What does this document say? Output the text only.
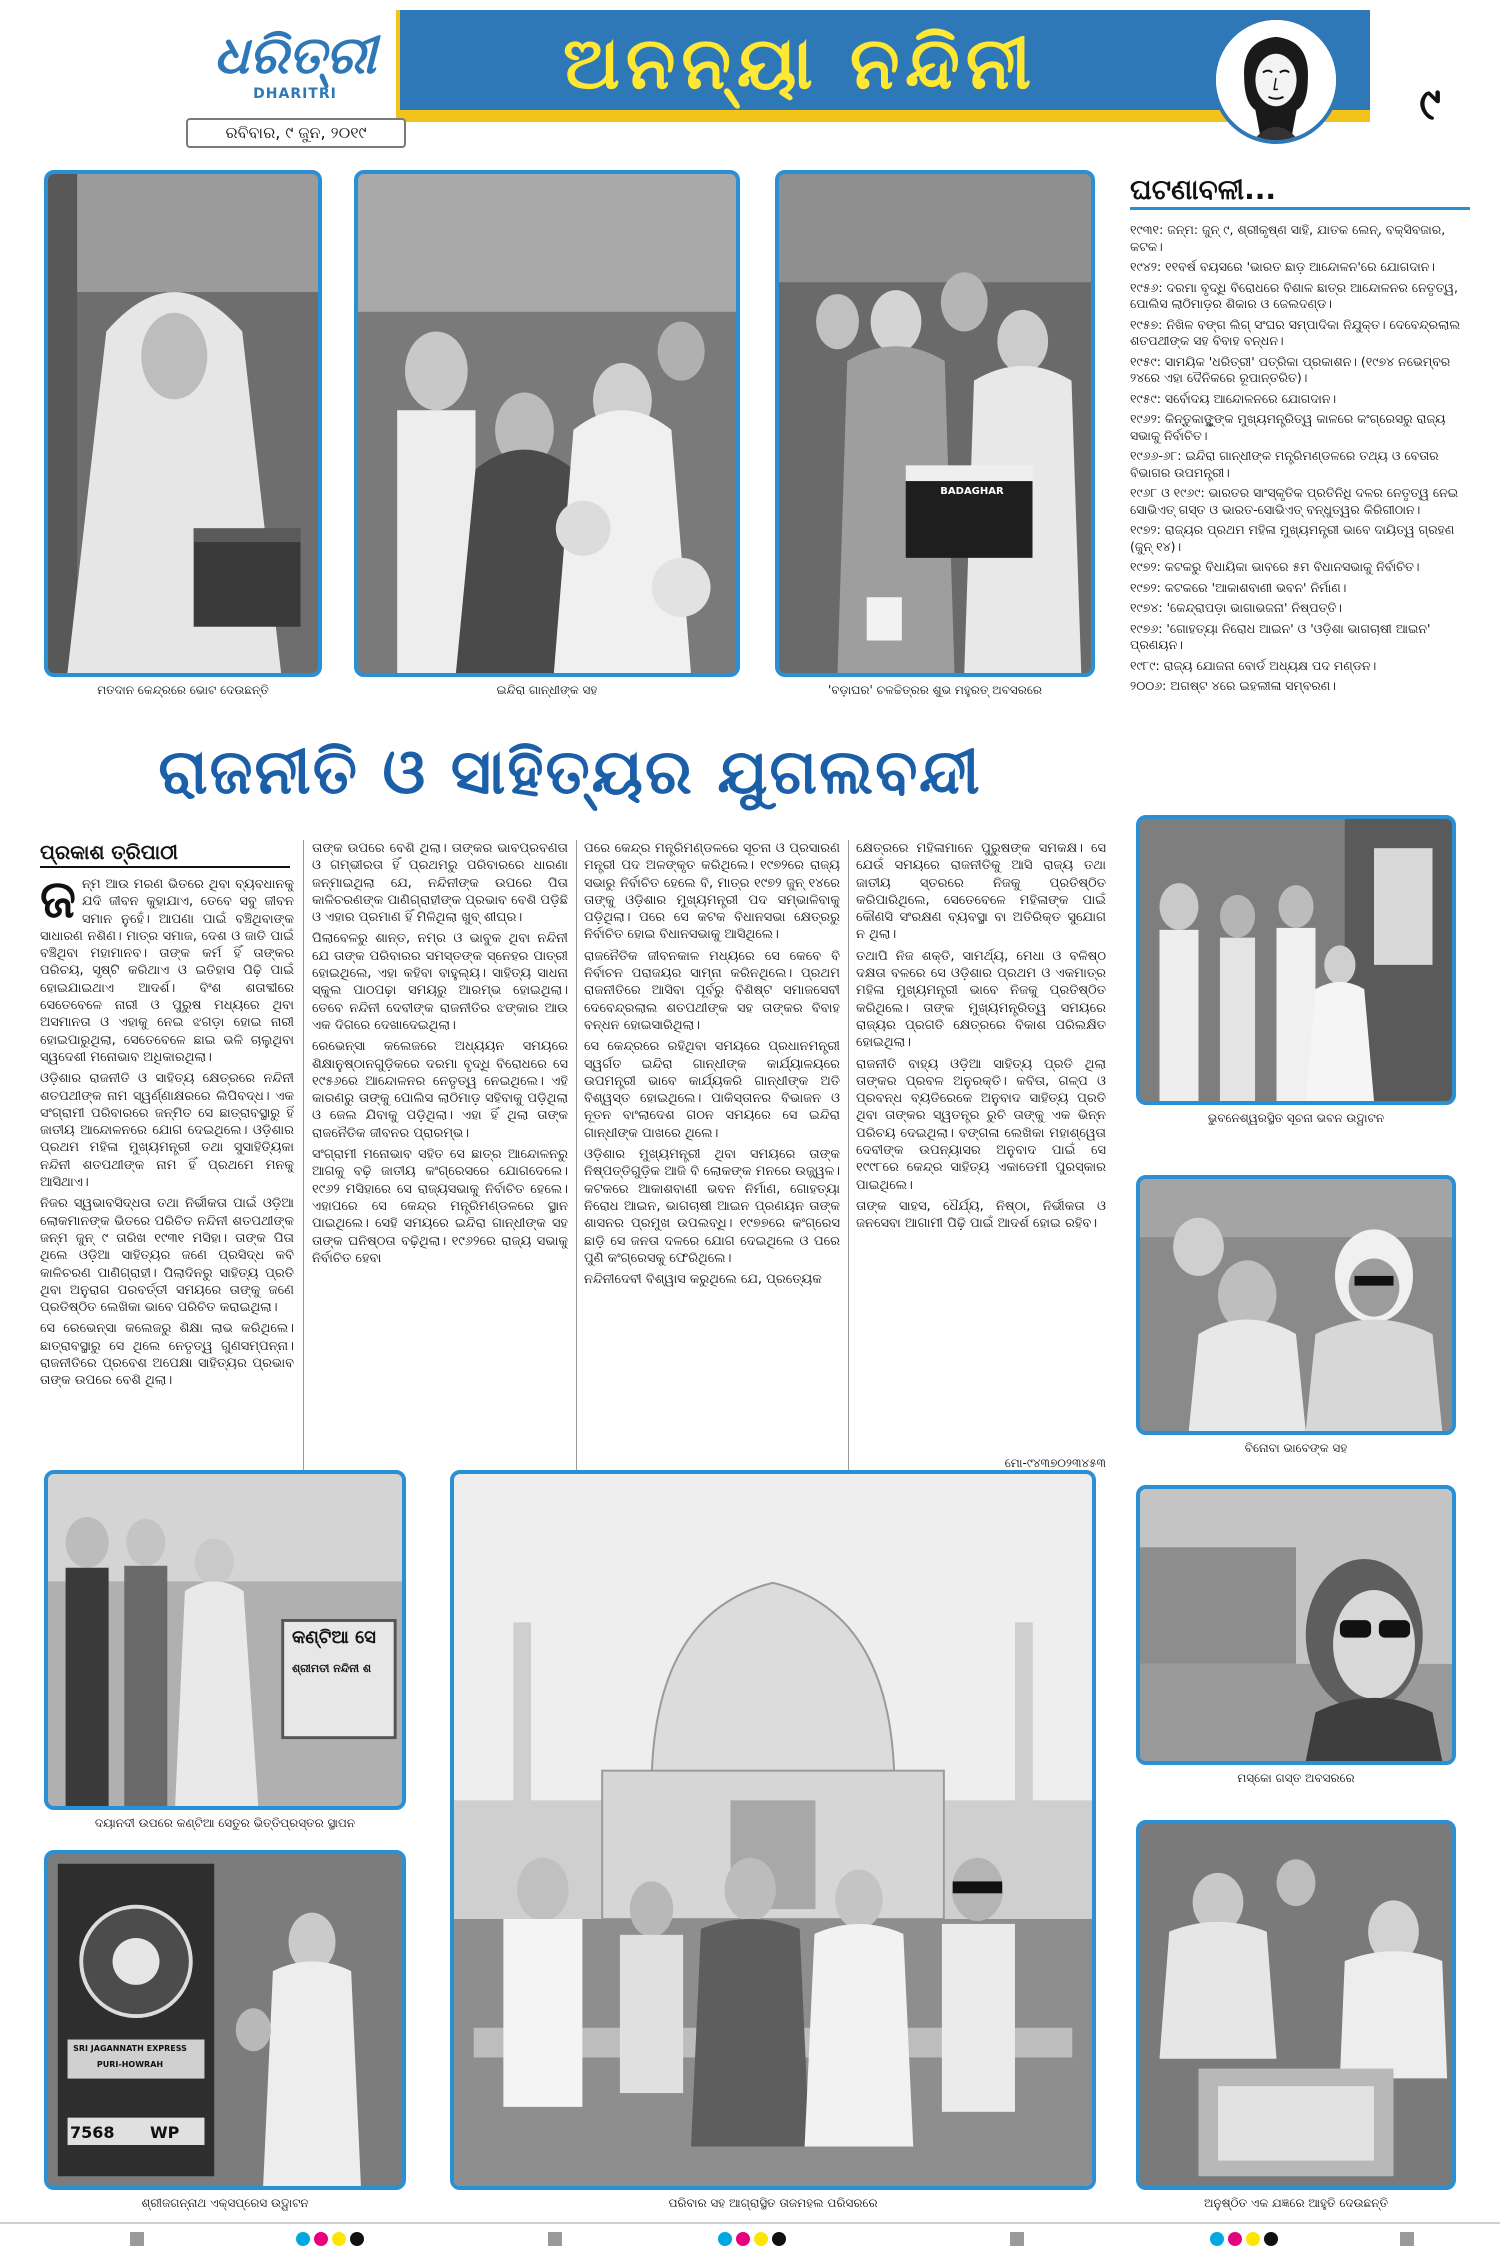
ଧରିତ୍ରୀ
DHARITRI	ଅନନ୍ୟା ନନ୍ଦିନୀ
ରବିବାର, ୯ ଜୁନ, ୨୦୧୯
୯
ମତଦାନ କେନ୍ଦ୍ରରେ ଭୋଟ ଦେଉଛନ୍ତି	ଇନ୍ଦିରା ଗାନ୍ଧୀଙ୍କ ସହ
BADAGHAR
'ବଡ଼ାଘର' ଚଳଚ୍ଚିତ୍ରର ଶୁଭ ମହୁରତ୍ ଅବସରରେ
ଘଟଣାବଳୀ...
୧୯୩୧: ଜନ୍ମ: ଜୁନ୍ ୯, ଶ୍ରୀକୃଷ୍ଣ ସାହି, ଯାତକ ଲେନ୍, ବକ୍ସିବଜାର, କଟକ।
୧୯୪୨: ୧୧ବର୍ଷ ବୟସରେ 'ଭାରତ ଛାଡ଼ ଆନ୍ଦୋଳନ'ରେ ଯୋଗଦାନ।
୧୯୫୬: ଦରମା ବୃଦ୍ଧି ବିରୋଧରେ ବିଶାଳ ଛାତ୍ର ଆନ୍ଦୋଳନର ନେତୃତ୍ୱ, ପୋଲିସ ଲାଠିମାଡ଼ର ଶିକାର ଓ ଜେଲଦଣ୍ଡ।
୧୯୫୭: ନିଖିଳ ବଙ୍ଗ ଲିଗ୍ ସଂଘର ସମ୍ପାଦିକା ନିଯୁକ୍ତ। ଦେବେନ୍ଦ୍ରଲାଲ ଶତପଥୀଙ୍କ ସହ ବିବାହ ବନ୍ଧନ।
୧୯୫୯: ସାମୟିକ 'ଧରିତ୍ରୀ' ପତ୍ରିକା ପ୍ରକାଶନ। (୧୯୭୪ ନଭେମ୍ବର ୨୪ରେ ଏହା ଦୈନିକରେ ରୂପାନ୍ତରିତ)।
୧୯୫୯: ସର୍ବୋଦୟ ଆନ୍ଦୋଳନରେ ଯୋଗଦାନ।
୧୯୬୨: କିନ୍ତୁକାଙ୍କ୍ଷୁଙ୍କ ମୁଖ୍ୟମନ୍ତ୍ରିତ୍ୱ କାଳରେ କଂଗ୍ରେସରୁ ରାଜ୍ୟ ସଭାକୁ ନିର୍ବାଚିତ।
୧୯୬୬-୬୮: ଇନ୍ଦିରା ଗାନ୍ଧୀଙ୍କ ମନ୍ତ୍ରିମଣ୍ଡଳରେ ତଥ୍ୟ ଓ ବେତାର ବିଭାଗର ଉପମନ୍ତ୍ରୀ।
୧୯୬୮ ଓ ୧୯୬୯: ଭାରତର ସାଂସ୍କୃତିକ ପ୍ରତିନିଧି ଦଳର ନେତୃତ୍ୱ ନେଇ ସୋଭିଏତ୍ ଗସ୍ତ ଓ ଭାରତ-ସୋଭିଏତ୍ ବନ୍ଧୁତ୍ୱର କିରିଗୀଠାନ।
୧୯୭୨: ରାଜ୍ୟର ପ୍ରଥମ ମହିଳା ମୁଖ୍ୟମନ୍ତ୍ରୀ ଭାବେ ଦାୟିତ୍ୱ ଗ୍ରହଣ (ଜୁନ୍ ୧୪)।
୧୯୭୨: କଟକରୁ ବିଧାୟିକା ଭାବରେ ୫ମ ବିଧାନସଭାକୁ ନିର୍ବାଚିତ।
୧୯୭୨: କଟକରେ 'ଆକାଶବାଣୀ ଭବନ' ନିର୍ମାଣ।
୧୯୭୪: 'କେନ୍ଦ୍ରାପଡ଼ା ଭାଗାଭଜନା' ନିଷ୍ପତ୍ତି।
୧୯୭୬: 'ଗୋହତ୍ୟା ନିରୋଧ ଆଇନ' ଓ 'ଓଡ଼ିଶା ଭାଗଚାଷୀ ଆଇନ' ପ୍ରଣୟନ।
୧୯୮୯: ରାଜ୍ୟ ଯୋଜନା ବୋର୍ଡ ଅଧ୍ୟକ୍ଷ ପଦ ମଣ୍ଡନ।
୨୦୦୬: ଅଗଷ୍ଟ ୪ରେ ଇହଲୀଳା ସମ୍ବରଣ।
ରାଜନୀତି ଓ ସାହିତ୍ୟର ଯୁଗଲବନ୍ଦୀ
ପ୍ରକାଶ ତ୍ରିପାଠୀ
ଜ ନ୍ମ ଆଉ ମରଣ ଭିତରେ ଥିବା ବ୍ୟବଧାନକୁ ଯଦି ଜୀବନ କୁହାଯାଏ, ତେବେ ସବୁ ଜୀବନ ସମାନ ନୁହେଁ। ଆପଣା ପାଇଁ ବଞ୍ଚିଥିବାଙ୍କ ସାଧାରଣ ନଶିଣ। ମାତ୍ର ସମାଜ, ଦେଶ ଓ ଜାତି ପାଇଁ ବଞ୍ଚିଥିବା ମହାମାନବ। ତାଙ୍କ କର୍ମ ହିଁ ତାଙ୍କର ପରିଚୟ, ସୃଷ୍ଟି କରିଥାଏ ଓ ଇତିହାସ ପିଢ଼ି ପାଇଁ ହୋଇଯାଇଥାଏ ଆଦର୍ଶ। ବିଂଶ ଶତାବ୍ଦୀରେ ସେତେବେଳେ ନାରୀ ଓ ପୁରୁଷ ମଧ୍ୟରେ ଥିବା ଅସମାନତା ଓ ଏହାକୁ ନେଇ ଝଗଡ଼ା ହୋଇ ନାରୀ ହୋଇପାରୁଥିଲା, ସେତେବେଳେ ଛାଇ ଭଳି ଚାଲୁଥିବା ସ୍ୱଦେଶୀ ମନୋଭାବ ଅଧିକାରଥିଲା।

ଓଡ଼ିଶାର ରାଜନୀତି ଓ ସାହିତ୍ୟ କ୍ଷେତ୍ରରେ ନନ୍ଦିନୀ ଶତପଥୀଙ୍କ ନାମ ସ୍ୱର୍ଣ୍ଣାକ୍ଷରରେ ଲିପିବଦ୍ଧ। ଏକ ସଂଗ୍ରାମୀ ପରିବାରରେ ଜନ୍ମିତ ସେ ଛାତ୍ରାବସ୍ଥାରୁ ହିଁ ଜାତୀୟ ଆନ୍ଦୋଳନରେ ଯୋଗ ଦେଇଥିଲେ। ଓଡ଼ିଶାର ପ୍ରଥମ ମହିଳା ମୁଖ୍ୟମନ୍ତ୍ରୀ ତଥା ସୁସାହିତ୍ୟିକା ନନ୍ଦିନୀ ଶତପଥୀଙ୍କ ନାମ ହିଁ ପ୍ରଥମେ ମନକୁ ଆସିଥାଏ।

ନିଜର ସ୍ୱଭାବସିଦ୍ଧତା ତଥା ନିର୍ଭୀକତା ପାଇଁ ଓଡ଼ିଆ ଲୋକମାନଙ୍କ ଭିତରେ ପରିଚିତ ନନ୍ଦିନୀ ଶତପଥୀଙ୍କ ଜନ୍ମ ଜୁନ୍ ୯ ତାରିଖ ୧୯୩୧ ମସିହା। ତାଙ୍କ ପିତା ଥିଲେ ଓଡ଼ିଆ ସାହିତ୍ୟର ଜଣେ ପ୍ରସିଦ୍ଧ କବି କାଳିଚରଣ ପାଣିଗ୍ରାହୀ। ପିଲାଦିନରୁ ସାହିତ୍ୟ ପ୍ରତି ଥିବା ଅନୁରାଗ ପରବର୍ତ୍ତୀ ସମୟରେ ତାଙ୍କୁ ଜଣେ ପ୍ରତିଷ୍ଠିତ ଲେଖିକା ଭାବେ ପରିଚିତ କରାଇଥିଲା।

ସେ ରେଭେନ୍ସା କଲେଜରୁ ଶିକ୍ଷା ଲାଭ କରିଥିଲେ। ଛାତ୍ରାବସ୍ଥାରୁ ସେ ଥିଲେ ନେତୃତ୍ୱ ଗୁଣସମ୍ପନ୍ନା। ରାଜନୀତିରେ ପ୍ରବେଶ ଅପେକ୍ଷା ସାହିତ୍ୟର ପ୍ରଭାବ ତାଙ୍କ ଉପରେ ବେଶି ଥିଲା।

ତାଙ୍କ ଉପରେ ବେଶି ଥିଲା। ତାଙ୍କର ଭାବପ୍ରବଣତା ଓ ଗମ୍ଭୀରତା ହିଁ ପ୍ରଥମରୁ ପରିବାରରେ ଧାରଣା ଜନ୍ମାଇଥିଲା ଯେ, ନନ୍ଦିନୀଙ୍କ ଉପରେ ପିତା କାଳିଚରଣଙ୍କ ପାଣିଗ୍ରାହୀଙ୍କ ପ୍ରଭାବ ବେଶି ପଡ଼ିଛି ଓ ଏହାର ପ୍ରମାଣ ହିଁ ମିଳିଥିଲା ଖୁବ୍ ଶୀଘ୍ର।

ପିଲାବେଳରୁ ଶାନ୍ତ, ନମ୍ର ଓ ଭାବୁକ ଥିବା ନନ୍ଦିନୀ ଯେ ତାଙ୍କ ପରିବାରର ସମସ୍ତଙ୍କ ସ୍ନେହର ପାତ୍ରୀ ହୋଇଥିଲେ, ଏହା କହିବା ବାହୁଲ୍ୟ। ସାହିତ୍ୟ ସାଧନା ସ୍କୁଲ ପାଠପଢ଼ା ସମୟରୁ ଆରମ୍ଭ ହୋଇଥିଲା। ତେବେ ନନ୍ଦିନୀ ଦେବୀଙ୍କ ରାଜନୀତିର ଝଙ୍କାର ଆଉ ଏକ ଦିଗରେ ଦେଖାଦେଇଥିଲା।

ରେଭେନ୍ସା କଲେଜରେ ଅଧ୍ୟୟନ ସମୟରେ ଶିକ୍ଷାନୁଷ୍ଠାନଗୁଡ଼ିକରେ ଦରମା ବୃଦ୍ଧି ବିରୋଧରେ ସେ ୧୯୫୬ରେ ଆନ୍ଦୋଳନର ନେତୃତ୍ୱ ନେଇଥିଲେ। ଏହି କାରଣରୁ ତାଙ୍କୁ ପୋଲିସ ଲାଠିମାଡ଼ ସହିବାକୁ ପଡ଼ିଥିଲା ଓ ଜେଲ ଯିବାକୁ ପଡ଼ିଥିଲା। ଏହା ହିଁ ଥିଲା ତାଙ୍କ ରାଜନୈତିକ ଜୀବନର ପ୍ରାରମ୍ଭ।

ସଂଗ୍ରାମୀ ମନୋଭାବ ସହିତ ସେ ଛାତ୍ର ଆନ୍ଦୋଳନରୁ ଆଗକୁ ବଢ଼ି ଜାତୀୟ କଂଗ୍ରେସରେ ଯୋଗଦେଲେ। ୧୯୬୨ ମସିହାରେ ସେ ରାଜ୍ୟସଭାକୁ ନିର୍ବାଚିତ ହେଲେ। ଏହାପରେ ସେ କେନ୍ଦ୍ର ମନ୍ତ୍ରିମଣ୍ଡଳରେ ସ୍ଥାନ ପାଇଥିଲେ। ସେହି ସମୟରେ ଇନ୍ଦିରା ଗାନ୍ଧୀଙ୍କ ସହ ତାଙ୍କ ଘନିଷ୍ଠତା ବଢ଼ିଥିଲା। ୧୯୬୨ରେ ରାଜ୍ୟ ସଭାକୁ ନିର୍ବାଚିତ ହେବା

ପରେ କେନ୍ଦ୍ର ମନ୍ତ୍ରିମଣ୍ଡଳରେ ସୂଚନା ଓ ପ୍ରସାରଣ ମନ୍ତ୍ରୀ ପଦ ଅଳଙ୍କୃତ କରିଥିଲେ। ୧୯୭୨ରେ ରାଜ୍ୟ ସଭାରୁ ନିର୍ବାଚିତ ହେଲେ ବି, ମାତ୍ର ୧୯୭୨ ଜୁନ୍ ୧୪ରେ ତାଙ୍କୁ ଓଡ଼ିଶାର ମୁଖ୍ୟମନ୍ତ୍ରୀ ପଦ ସମ୍ଭାଳିବାକୁ ପଡ଼ିଥିଲା। ପରେ ସେ କଟକ ବିଧାନସଭା କ୍ଷେତ୍ରରୁ ନିର୍ବାଚିତ ହୋଇ ବିଧାନସଭାକୁ ଆସିଥିଲେ।

ରାଜନୈତିକ ଜୀବନକାଳ ମଧ୍ୟରେ ସେ କେବେ ବି ନିର୍ବାଚନ ପରାଜୟର ସାମ୍ନା କରିନଥିଲେ। ପ୍ରଥମ ରାଜନୀତିରେ ଆସିବା ପୂର୍ବରୁ ବିଶିଷ୍ଟ ସମାଜସେବୀ ଦେବେନ୍ଦ୍ରଲାଲ ଶତପଥୀଙ୍କ ସହ ତାଙ୍କର ବିବାହ ବନ୍ଧନ ହୋଇସାରିଥିଲା।

ସେ କେନ୍ଦ୍ରରେ ରହିଥିବା ସମୟରେ ପ୍ରଧାନମନ୍ତ୍ରୀ ସ୍ୱର୍ଗତ ଇନ୍ଦିରା ଗାନ୍ଧୀଙ୍କ କାର୍ଯ୍ୟାଳୟରେ ଉପମନ୍ତ୍ରୀ ଭାବେ କାର୍ଯ୍ୟକରି ଗାନ୍ଧୀଙ୍କ ଅତି ବିଶ୍ୱସ୍ତ ହୋଇଥିଲେ। ପାକିସ୍ତାନର ବିଭାଜନ ଓ ନୂତନ ବାଂଲାଦେଶ ଗଠନ ସମୟରେ ସେ ଇନ୍ଦିରା ଗାନ୍ଧୀଙ୍କ ପାଖରେ ଥିଲେ।

ଓଡ଼ିଶାର ମୁଖ୍ୟମନ୍ତ୍ରୀ ଥିବା ସମୟରେ ତାଙ୍କ ନିଷ୍ପତ୍ତିଗୁଡ଼ିକ ଆଜି ବି ଲୋକଙ୍କ ମନରେ ଉଜ୍ଜ୍ୱଳ। କଟକରେ ଆକାଶବାଣୀ ଭବନ ନିର୍ମାଣ, ଗୋହତ୍ୟା ନିରୋଧ ଆଇନ, ଭାଗଚାଷୀ ଆଇନ ପ୍ରଣୟନ ତାଙ୍କ ଶାସନର ପ୍ରମୁଖ ଉପଲବ୍ଧି। ୧୯୭୭ରେ କଂଗ୍ରେସ ଛାଡ଼ି ସେ ଜନତା ଦଳରେ ଯୋଗ ଦେଇଥିଲେ ଓ ପରେ ପୁଣି କଂଗ୍ରେସକୁ ଫେରିଥିଲେ।

ନନ୍ଦିନୀଦେବୀ ବିଶ୍ୱାସ କରୁଥିଲେ ଯେ, ପ୍ରତ୍ୟେକ

କ୍ଷେତ୍ରରେ ମହିଳାମାନେ ପୁରୁଷଙ୍କ ସମକକ୍ଷ। ସେ ଯେଉଁ ସମୟରେ ରାଜନୀତିକୁ ଆସି ରାଜ୍ୟ ତଥା ଜାତୀୟ ସ୍ତରରେ ନିଜକୁ ପ୍ରତିଷ୍ଠିତ କରିପାରିଥିଲେ, ସେତେବେଳେ ମହିଳାଙ୍କ ପାଇଁ କୌଣସି ସଂରକ୍ଷଣ ବ୍ୟବସ୍ଥା ବା ଅତିରିକ୍ତ ସୁଯୋଗ ନ ଥିଲା।

ତଥାପି ନିଜ ଶକ୍ତି, ସାମର୍ଥ୍ୟ, ମେଧା ଓ ବଳିଷ୍ଠ ଦକ୍ଷତା ବଳରେ ସେ ଓଡ଼ିଶାର ପ୍ରଥମ ଓ ଏକମାତ୍ର ମହିଳା ମୁଖ୍ୟମନ୍ତ୍ରୀ ଭାବେ ନିଜକୁ ପ୍ରତିଷ୍ଠିତ କରିଥିଲେ। ତାଙ୍କ ମୁଖ୍ୟମନ୍ତ୍ରିତ୍ୱ ସମୟରେ ରାଜ୍ୟର ପ୍ରଗତି କ୍ଷେତ୍ରରେ ବିକାଶ ପରିଲକ୍ଷିତ ହୋଇଥିଲା।

ରାଜନୀତି ବାହ୍ୟ ଓଡ଼ିଆ ସାହିତ୍ୟ ପ୍ରତି ଥିଲା ତାଙ୍କର ପ୍ରବଳ ଅନୁରକ୍ତି। କବିତା, ଗଳ୍ପ ଓ ପ୍ରବନ୍ଧ ବ୍ୟତିରେକେ ଅନୁବାଦ ସାହିତ୍ୟ ପ୍ରତି ଥିବା ତାଙ୍କର ସ୍ୱତନ୍ତ୍ର ରୁଚି ତାଙ୍କୁ ଏକ ଭିନ୍ନ ପରିଚୟ ଦେଇଥିଲା। ବଙ୍ଗଳା ଲେଖିକା ମହାଶ୍ୱେତା ଦେବୀଙ୍କ ଉପନ୍ୟାସର ଅନୁବାଦ ପାଇଁ ସେ ୧୯୯୮ରେ କେନ୍ଦ୍ର ସାହିତ୍ୟ ଏକାଡେମୀ ପୁରସ୍କାର ପାଇଥିଲେ।

ତାଙ୍କ ସାହସ, ଧୈର୍ଯ୍ୟ, ନିଷ୍ଠା, ନିର୍ଭୀକତା ଓ ଜନସେବା ଆଗାମୀ ପିଢ଼ି ପାଇଁ ଆଦର୍ଶ ହୋଇ ରହିବ।

ମୋ-୯୪୩୭୦୨୩୪୫୩
ଭୁବନେଶ୍ୱରସ୍ଥିତ ସୂଚନା ଭବନ ଉଦ୍ଘାଟନ
ବିନୋବା ଭାବେଙ୍କ ସହ
ମସ୍କୋ ଗସ୍ତ ଅବସରରେ
ଅନୁଷ୍ଠିତ ଏକ ଯଜ୍ଞରେ ଆହୁତି ଦେଉଛନ୍ତି
କଣ୍ଟିଆ ସେ
ଶ୍ରୀମତୀ ନନ୍ଦିନୀ ଶ
ଦୟାନଦୀ ଉପରେ କଣ୍ଟିଆ ସେତୁର ଭିତ୍ତିପ୍ରସ୍ତର ସ୍ଥାପନ
SRI JAGANNATH EXPRESS
PURI-HOWRAH
7568	WP
ଶ୍ରୀଜଗନ୍ନାଥ ଏକ୍ସପ୍ରେସ ଉଦ୍ଘାଟନ	ପରିବାର ସହ ଆଗ୍ରାସ୍ଥିତ ତାଜମହଲ ପରିସରରେ
